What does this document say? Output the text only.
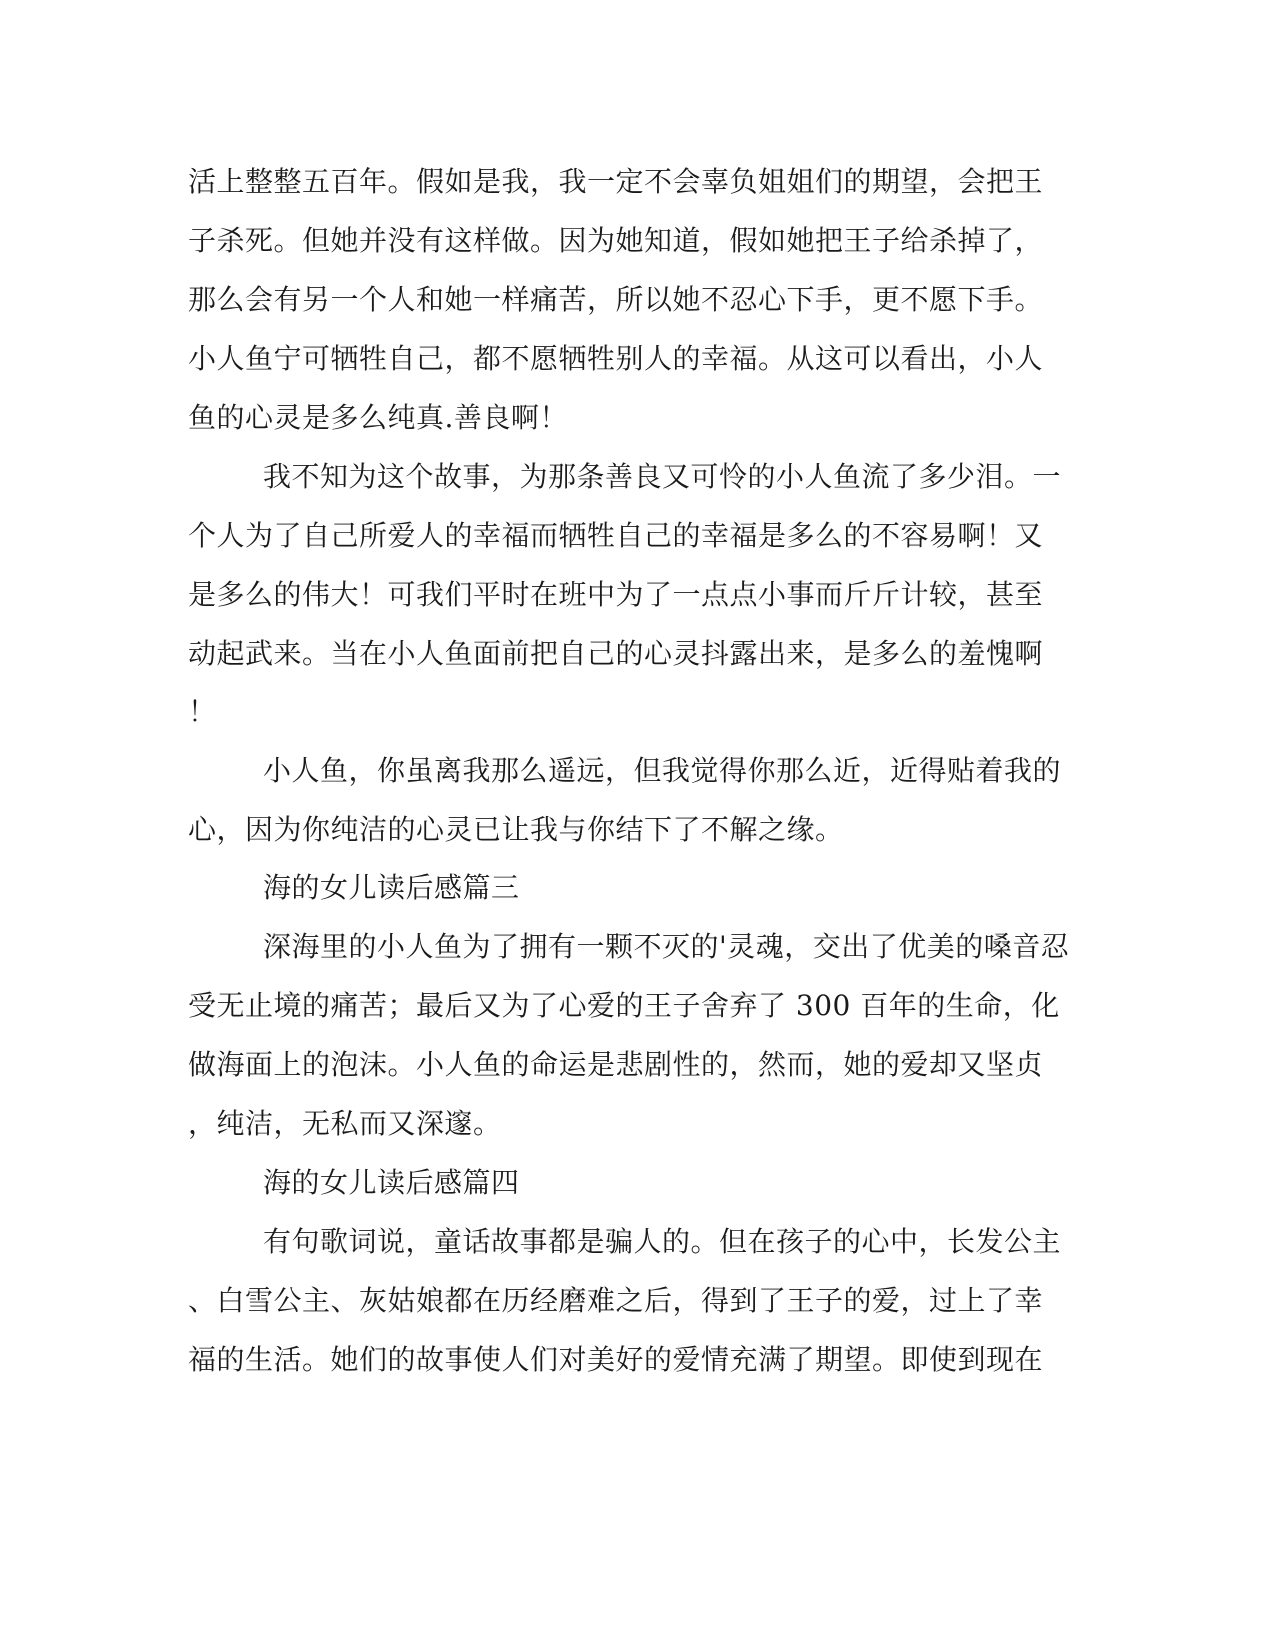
活上整整五百年。假如是我，我一定不会辜负姐姐们的期望，会把王
子杀死。但她并没有这样做。因为她知道，假如她把王子给杀掉了，
那么会有另一个人和她一样痛苦，所以她不忍心下手，更不愿下手。
小人鱼宁可牺牲自己，都不愿牺牲别人的幸福。从这可以看出，小人
鱼的心灵是多么纯真.善良啊！
我不知为这个故事，为那条善良又可怜的小人鱼流了多少泪。一
个人为了自己所爱人的幸福而牺牲自己的幸福是多么的不容易啊！又
是多么的伟大！可我们平时在班中为了一点点小事而斤斤计较，甚至
动起武来。当在小人鱼面前把自己的心灵抖露出来，是多么的羞愧啊
！
小人鱼，你虽离我那么遥远，但我觉得你那么近，近得贴着我的
心，因为你纯洁的心灵已让我与你结下了不解之缘。
海的女儿读后感篇三
深海里的小人鱼为了拥有一颗不灭的'灵魂，交出了优美的嗓音忍
受无止境的痛苦；最后又为了心爱的王子舍弃了 300 百年的生命，化
做海面上的泡沫。小人鱼的命运是悲剧性的，然而，她的爱却又坚贞
，纯洁，无私而又深邃。
海的女儿读后感篇四
有句歌词说，童话故事都是骗人的。但在孩子的心中，长发公主
、白雪公主、灰姑娘都在历经磨难之后，得到了王子的爱，过上了幸
福的生活。她们的故事使人们对美好的爱情充满了期望。即使到现在
